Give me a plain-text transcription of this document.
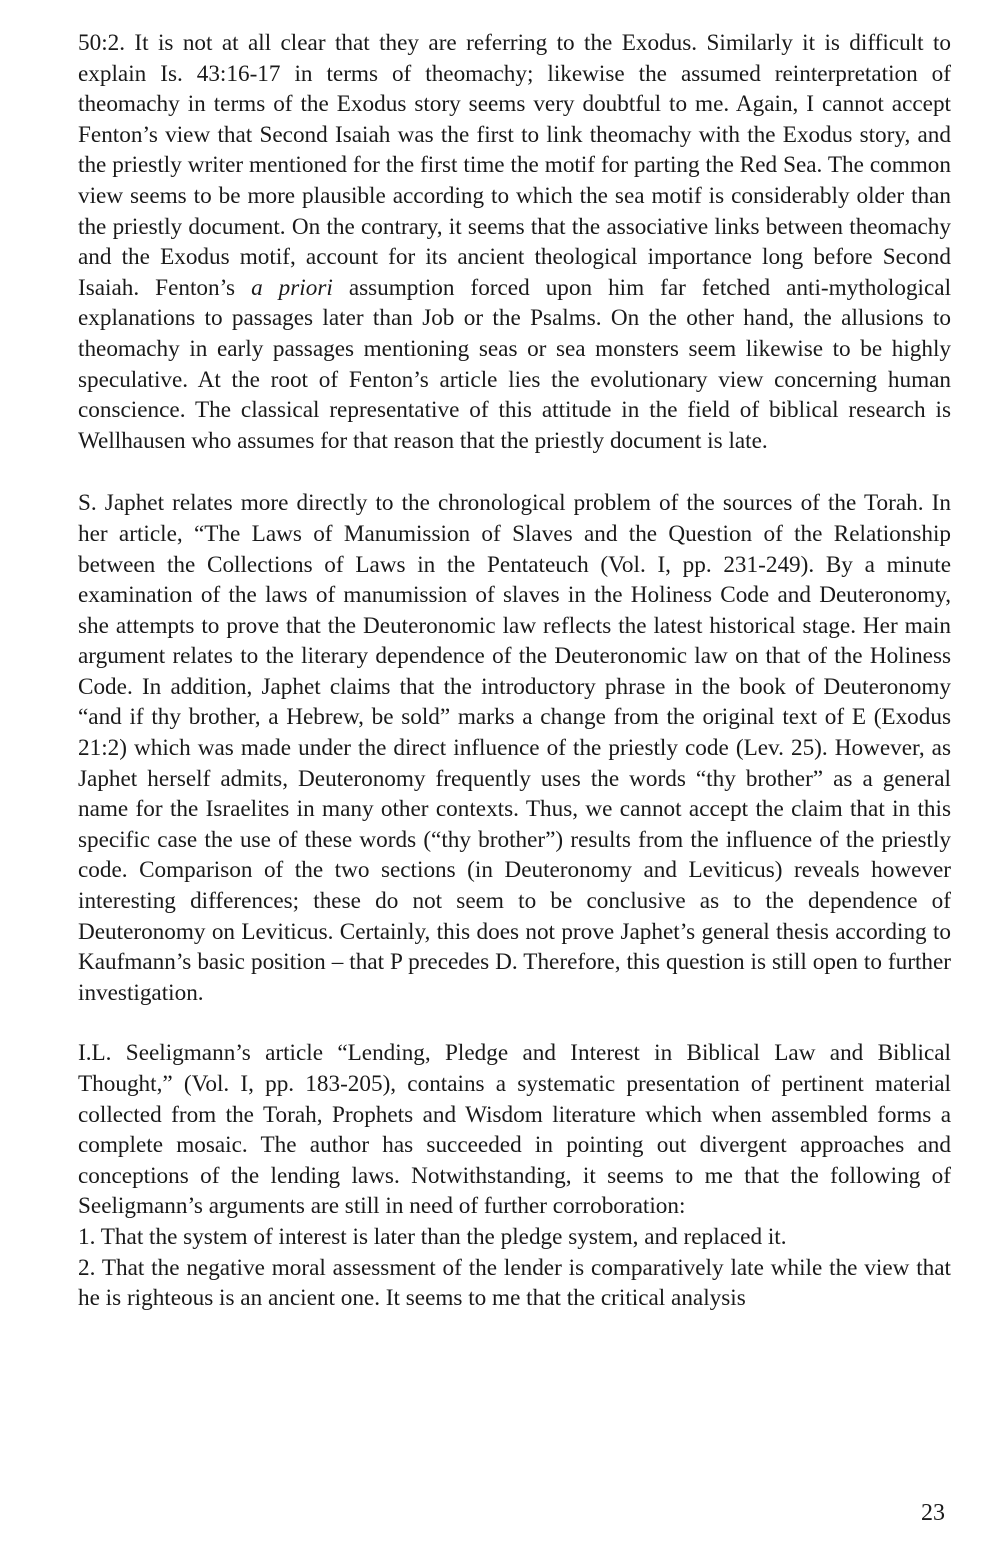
50:2. It is not at all clear that they are referring to the Exodus. Similarly it is difficult to explain Is. 43:16-17 in terms of theomachy; likewise the assumed reinterpretation of theomachy in terms of the Exodus story seems very doubtful to me. Again, I cannot accept Fenton’s view that Second Isaiah was the first to link theomachy with the Exodus story, and the priestly writer mentioned for the first time the motif for parting the Red Sea. The common view seems to be more plausible according to which the sea motif is considerably older than the priestly document. On the contrary, it seems that the associative links between theomachy and the Exodus motif, account for its ancient theological importance long before Second Isaiah. Fenton’s a priori assumption forced upon him far fetched anti-mythological explanations to passages later than Job or the Psalms. On the other hand, the allusions to theomachy in early passages mentioning seas or sea monsters seem likewise to be highly speculative. At the root of Fenton’s article lies the evolutionary view concerning human conscience. The classical representative of this attitude in the field of biblical research is Wellhausen who assumes for that reason that the priestly document is late.

S. Japhet relates more directly to the chronological problem of the sources of the Torah. In her article, “The Laws of Manumission of Slaves and the Question of the Relationship between the Collections of Laws in the Pentateuch (Vol. I, pp. 231-249). By a minute examination of the laws of manumission of slaves in the Holiness Code and Deuteronomy, she attempts to prove that the Deuteronomic law reflects the latest historical stage. Her main argument relates to the literary dependence of the Deuteronomic law on that of the Holiness Code. In addition, Japhet claims that the introductory phrase in the book of Deuteronomy “and if thy brother, a Hebrew, be sold” marks a change from the original text of E (Exodus 21:2) which was made under the direct influence of the priestly code (Lev. 25). However, as Japhet herself admits, Deuteronomy frequently uses the words “thy brother” as a general name for the Israelites in many other contexts. Thus, we cannot accept the claim that in this specific case the use of these words (“thy brother”) results from the influence of the priestly code. Comparison of the two sections (in Deuteronomy and Leviticus) reveals however interesting differences; these do not seem to be conclusive as to the dependence of Deuteronomy on Leviticus. Certainly, this does not prove Japhet’s general thesis according to Kaufmann’s basic position – that P precedes D. Therefore, this question is still open to further investigation.

I.L. Seeligmann’s article “Lending, Pledge and Interest in Biblical Law and Biblical Thought,” (Vol. I, pp. 183-205), contains a systematic presentation of pertinent material collected from the Torah, Prophets and Wisdom literature which when assembled forms a complete mosaic. The author has succeeded in pointing out divergent approaches and conceptions of the lending laws. Notwithstanding, it seems to me that the following of Seeligmann’s arguments are still in need of further corroboration:

1. That the system of interest is later than the pledge system, and replaced it.

2. That the negative moral assessment of the lender is comparatively late while the view that he is righteous is an ancient one. It seems to me that the critical analysis

23
